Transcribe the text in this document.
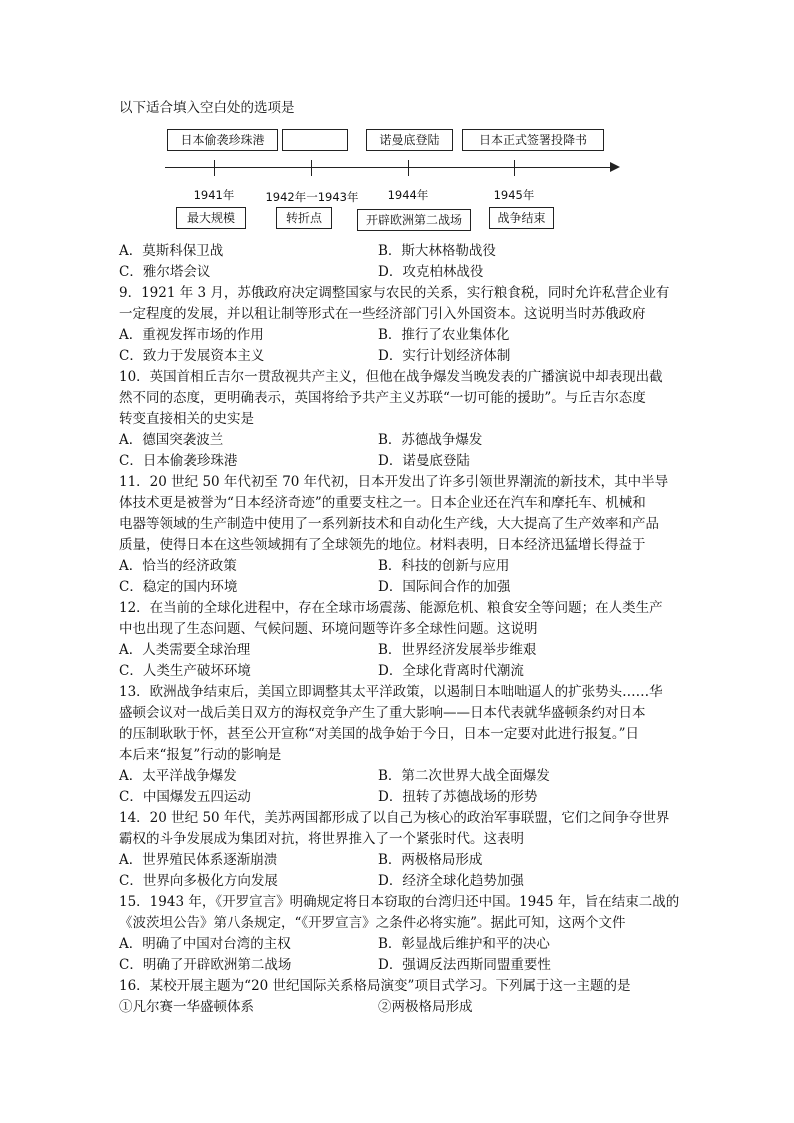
以下适合填入空白处的选项是
日本偷袭珍珠港	诺曼底登陆	日本正式签署投降书
1941年	1942年一1943年	1944年	1945年
最大规模	转折点	开辟欧洲第二战场	战争结束
A．莫斯科保卫战	B．斯大林格勒战役
C．雅尔塔会议	D．攻克柏林战役
9．1921 年 3 月，苏俄政府决定调整国家与农民的关系，实行粮食税，同时允许私营企业有
一定程度的发展，并以租让制等形式在一些经济部门引入外国资本。这说明当时苏俄政府
A．重视发挥市场的作用	B．推行了农业集体化
C．致力于发展资本主义	D．实行计划经济体制
10．英国首相丘吉尔一贯敌视共产主义，但他在战争爆发当晚发表的广播演说中却表现出截
然不同的态度，更明确表示，英国将给予共产主义苏联“一切可能的援助”。与丘吉尔态度
转变直接相关的史实是
A．德国突袭波兰	B．苏德战争爆发
C．日本偷袭珍珠港	D．诺曼底登陆
11．20 世纪 50 年代初至 70 年代初，日本开发出了许多引领世界潮流的新技术，其中半导
体技术更是被誉为“日本经济奇迹”的重要支柱之一。日本企业还在汽车和摩托车、机械和
电器等领域的生产制造中使用了一系列新技术和自动化生产线，大大提高了生产效率和产品
质量，使得日本在这些领域拥有了全球领先的地位。材料表明，日本经济迅猛增长得益于
A．恰当的经济政策	B．科技的创新与应用
C．稳定的国内环境	D．国际间合作的加强
12．在当前的全球化进程中，存在全球市场震荡、能源危机、粮食安全等问题；在人类生产
中也出现了生态问题、气候问题、环境问题等许多全球性问题。这说明
A．人类需要全球治理	B．世界经济发展举步维艰
C．人类生产破坏环境	D．全球化背离时代潮流
13．欧洲战争结束后，美国立即调整其太平洋政策，以遏制日本咄咄逼人的扩张势头……华
盛顿会议对一战后美日双方的海权竞争产生了重大影响——日本代表就华盛顿条约对日本
的压制耿耿于怀，甚至公开宣称“对美国的战争始于今日，日本一定要对此进行报复。”日
本后来“报复”行动的影响是
A．太平洋战争爆发	B．第二次世界大战全面爆发
C．中国爆发五四运动	D．扭转了苏德战场的形势
14．20 世纪 50 年代，美苏两国都形成了以自己为核心的政治军事联盟，它们之间争夺世界
霸权的斗争发展成为集团对抗，将世界推入了一个紧张时代。这表明
A．世界殖民体系逐渐崩溃	B．两极格局形成
C．世界向多极化方向发展	D．经济全球化趋势加强
15．1943 年，《开罗宣言》明确规定将日本窃取的台湾归还中国。1945 年，旨在结束二战的
《波茨坦公告》第八条规定，“《开罗宣言》之条件必将实施”。据此可知，这两个文件
A．明确了中国对台湾的主权	B．彰显战后维护和平的决心
C．明确了开辟欧洲第二战场	D．强调反法西斯同盟重要性
16．某校开展主题为“20 世纪国际关系格局演变”项目式学习。下列属于这一主题的是
①凡尔赛一华盛顿体系	②两极格局形成
